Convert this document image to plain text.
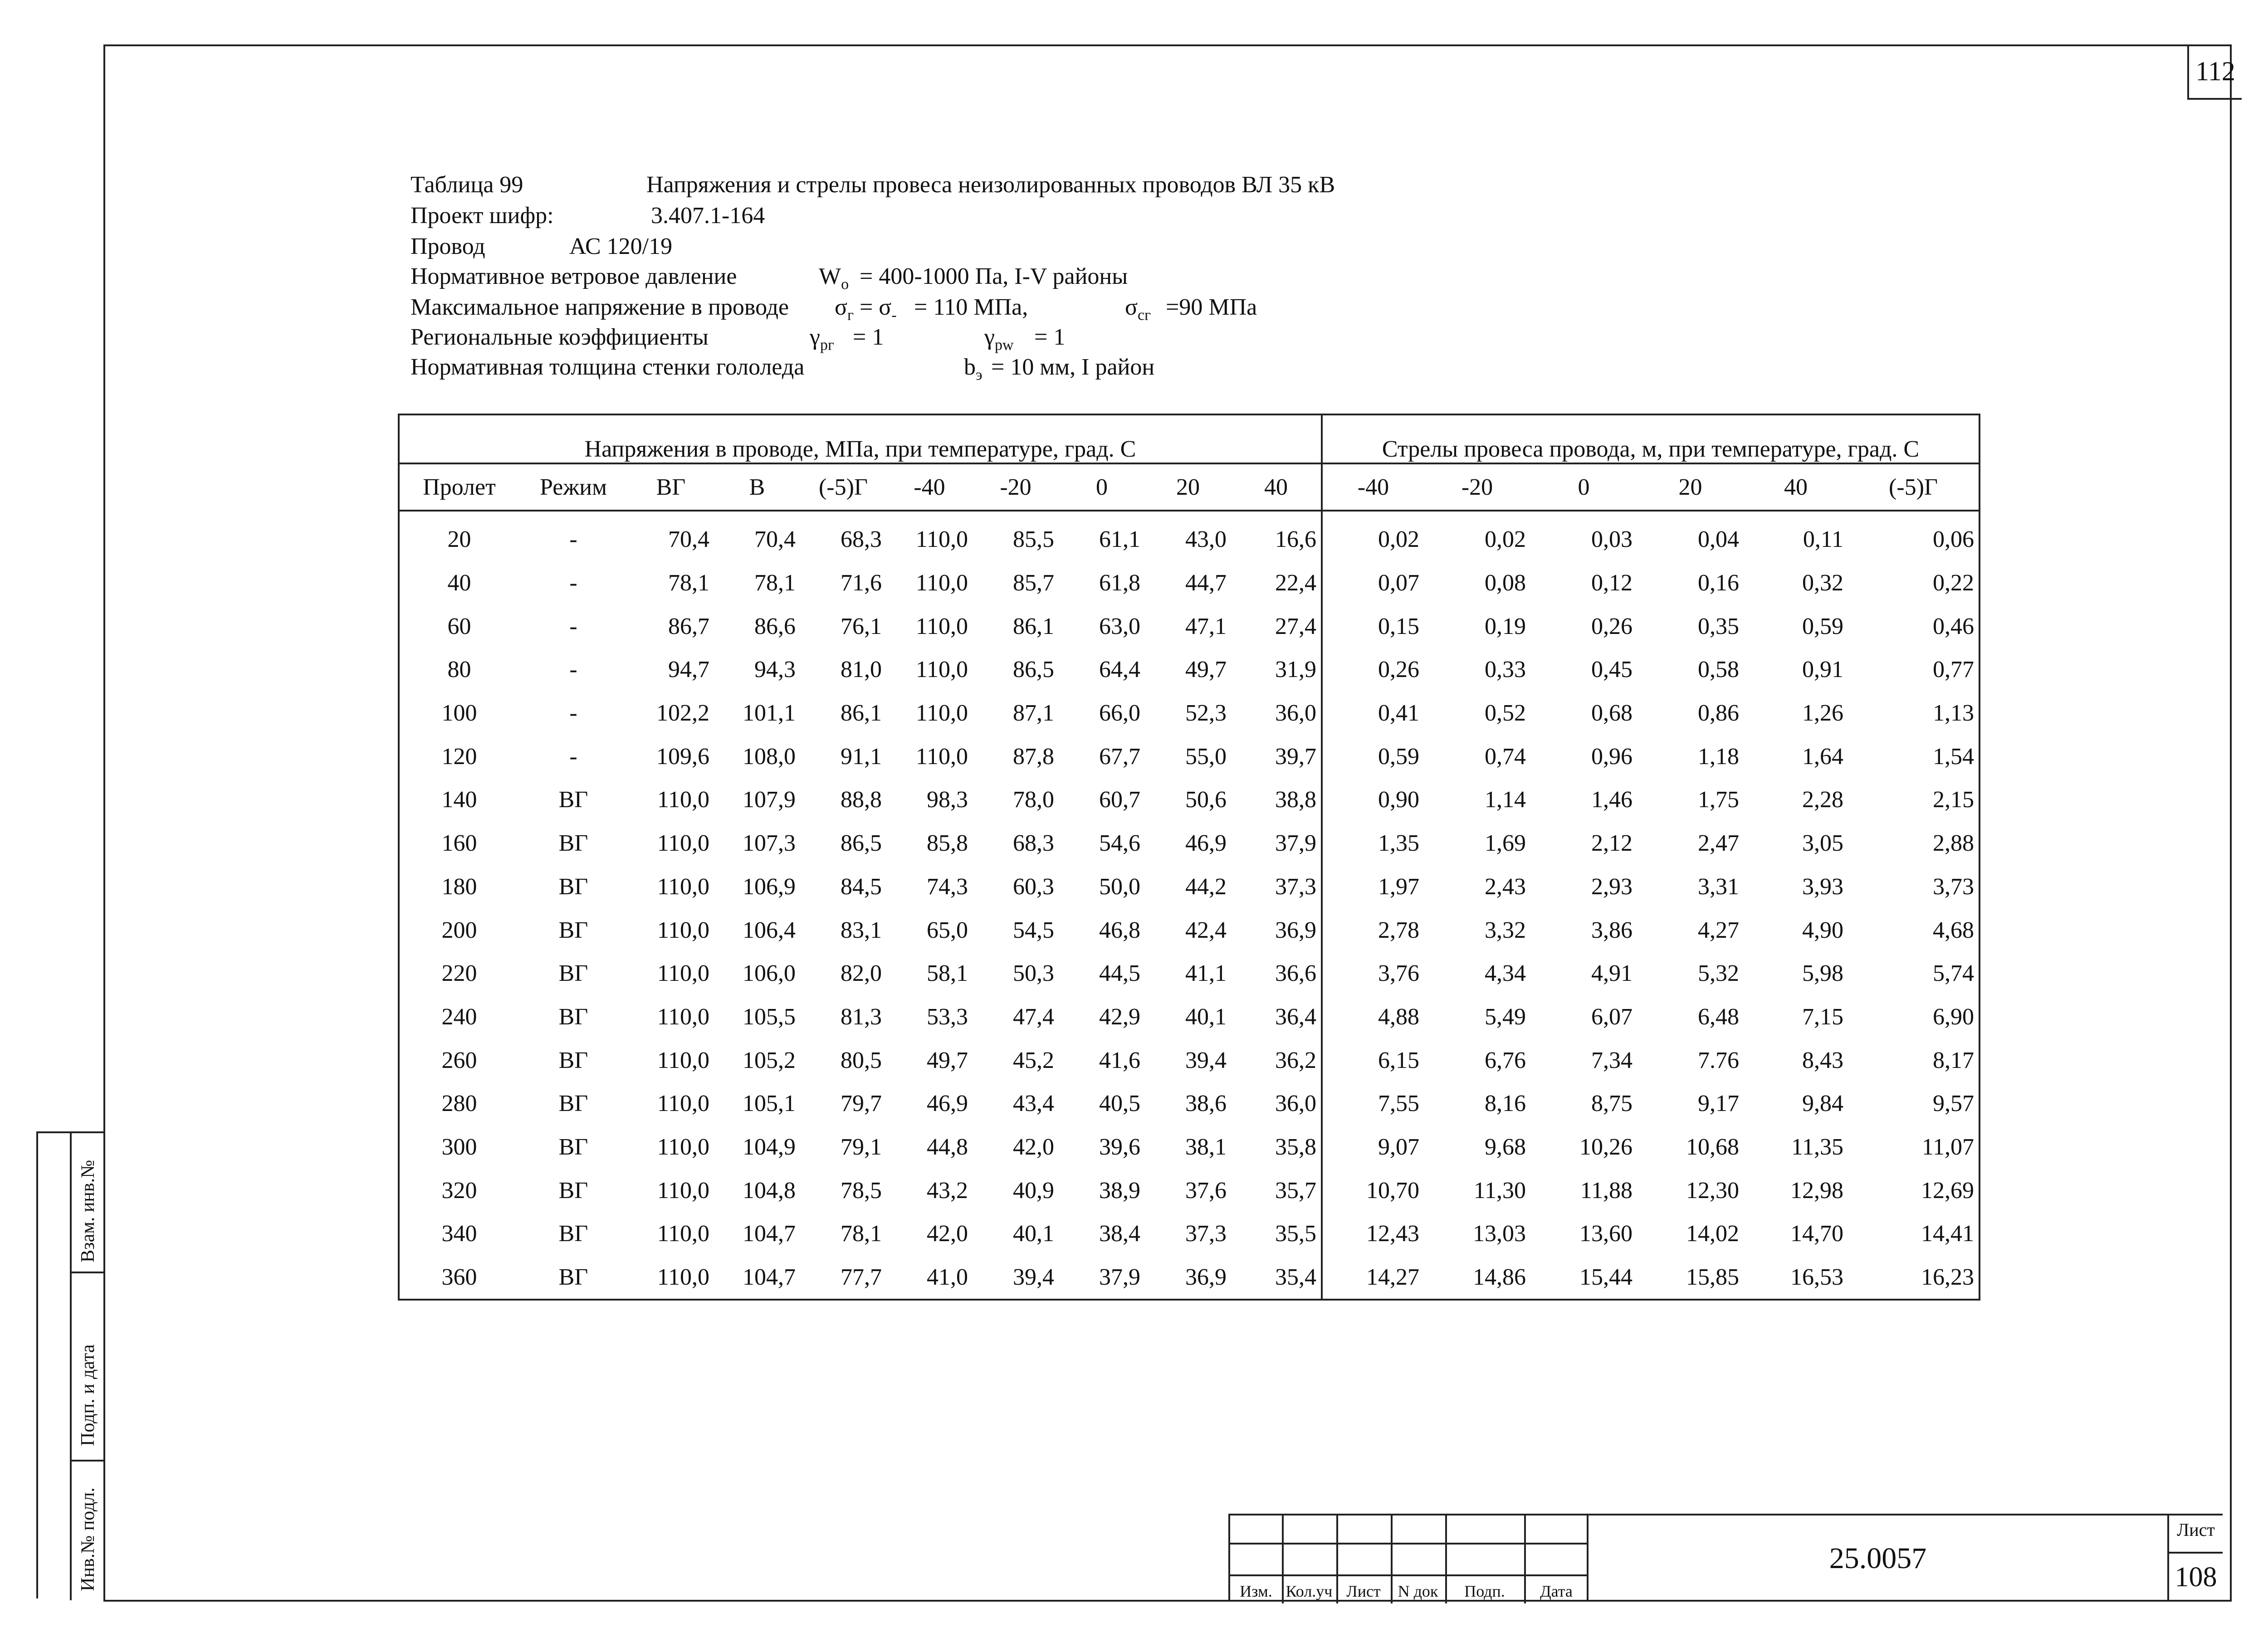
112
Таблица 99	Напряжения и стрелы провеса неизолированных проводов ВЛ 35 кВ
Проект шифр:	3.407.1-164
Провод	АС 120/19
Нормативное ветровое давление	$W_o = 400-1000$ Па, I-V районы
Максимальное напряжение в проводе $\sigma_г = \sigma_- = 110$ МПа,	$\sigma_{сг} =90$ МПа
Региональные коэффициенты	$\gamma_{рг} = 1$	$\gamma_{рw} = 1$
Нормативная толщина стенки гололеда	$b_э = 10$ мм, I район
Напряжения в проводе, МПа, при температуре, град. С										Стрелы провеса провода, м, при температуре, град. С					
Пролет	Режим	ВГ	В	(-5)Г	-40	-20	0	20	40	-40	-20	0	20	40	(-5)Г
20	-	70,4	70,4	68,3	110,0	85,5	61,1	43,0	16,6	0,02	0,02	0,03	0,04	0,11	0,06
40	-	78,1	78,1	71,6	110,0	85,7	61,8	44,7	22,4	0,07	0,08	0,12	0,16	0,32	0,22
60	-	86,7	86,6	76,1	110,0	86,1	63,0	47,1	27,4	0,15	0,19	0,26	0,35	0,59	0,46
80	-	94,7	94,3	81,0	110,0	86,5	64,4	49,7	31,9	0,26	0,33	0,45	0,58	0,91	0,77
100	-	102,2	101,1	86,1	110,0	87,1	66,0	52,3	36,0	0,41	0,52	0,68	0,86	1,26	1,13
120	-	109,6	108,0	91,1	110,0	87,8	67,7	55,0	39,7	0,59	0,74	0,96	1,18	1,64	1,54
140	ВГ	110,0	107,9	88,8	98,3	78,0	60,7	50,6	38,8	0,90	1,14	1,46	1,75	2,28	2,15
160	ВГ	110,0	107,3	86,5	85,8	68,3	54,6	46,9	37,9	1,35	1,69	2,12	2,47	3,05	2,88
180	ВГ	110,0	106,9	84,5	74,3	60,3	50,0	44,2	37,3	1,97	2,43	2,93	3,31	3,93	3,73
200	ВГ	110,0	106,4	83,1	65,0	54,5	46,8	42,4	36,9	2,78	3,32	3,86	4,27	4,90	4,68
220	ВГ	110,0	106,0	82,0	58,1	50,3	44,5	41,1	36,6	3,76	4,34	4,91	5,32	5,98	5,74
240	ВГ	110,0	105,5	81,3	53,3	47,4	42,9	40,1	36,4	4,88	5,49	6,07	6,48	7,15	6,90
260	ВГ	110,0	105,2	80,5	49,7	45,2	41,6	39,4	36,2	6,15	6,76	7,34	7.76	8,43	8,17
280	ВГ	110,0	105,1	79,7	46,9	43,4	40,5	38,6	36,0	7,55	8,16	8,75	9,17	9,84	9,57
300	ВГ	110,0	104,9	79,1	44,8	42,0	39,6	38,1	35,8	9,07	9,68	10,26	10,68	11,35	11,07
320	ВГ	110,0	104,8	78,5	43,2	40,9	38,9	37,6	35,7	10,70	11,30	11,88	12,30	12,98	12,69
340	ВГ	110,0	104,7	78,1	42,0	40,1	38,4	37,3	35,5	12,43	13,03	13,60	14,02	14,70	14,41
360	ВГ	110,0	104,7	77,7	41,0	39,4	37,9	36,9	35,4	14,27	14,86	15,44	15,85	16,53	16,23
Инв.№ подл.
Подп. и дата
Взам. инв.№
Изм. Кол.уч Лист	N док	Подп.	Дата
25.0057
Лист
108
